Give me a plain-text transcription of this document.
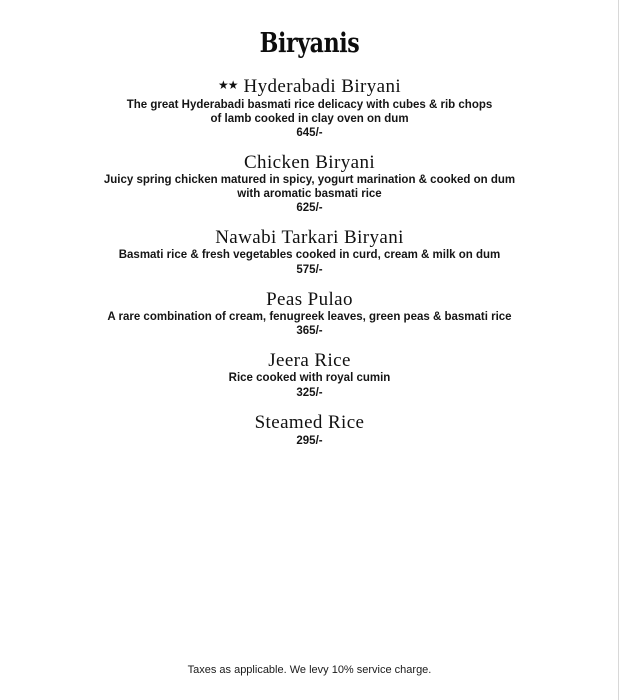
Biryanis
★★ Hyderabadi Biryani
The great Hyderabadi basmati rice delicacy with cubes & rib chops
of lamb cooked in clay oven on dum
645/-
Chicken Biryani
Juicy spring chicken matured in spicy, yogurt marination & cooked on dum
with aromatic basmati rice
625/-
Nawabi Tarkari Biryani
Basmati rice & fresh vegetables cooked in curd, cream & milk on dum
575/-
Peas Pulao
A rare combination of cream, fenugreek leaves, green peas & basmati rice
365/-
Jeera Rice
Rice cooked with royal cumin
325/-
Steamed Rice
295/-
Taxes as applicable. We levy 10% service charge.
